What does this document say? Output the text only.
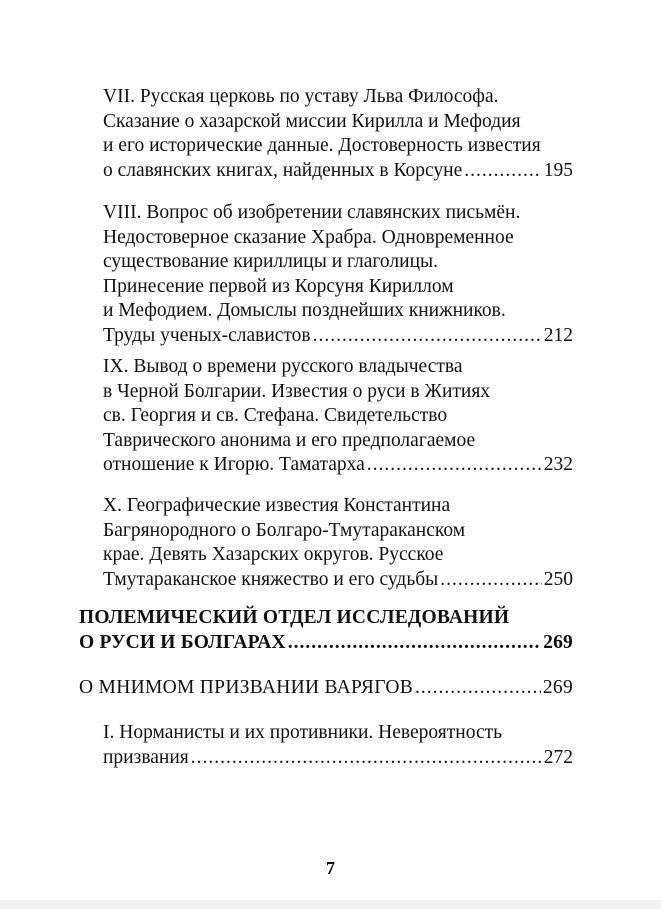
VII. Русская церковь по уставу Льва Философа.
Сказание о хазарской миссии Кирилла и Мефодия
и его исторические данные. Достоверность известия
о славянских книгах, найденных в Корсуне .....	195
VIII. Вопрос об изобретении славянских письмён.
Недостоверное сказание Храбра. Одновременное
существование кириллицы и глаголицы.
Принесение первой из Корсуня Кириллом
и Мефодием. Домыслы позднейших книжников.
Труды ученых-славистов .....	212
IX. Вывод о времени русского владычества
в Черной Болгарии. Известия о руси в Житиях
св. Георгия и св. Стефана. Свидетельство
Таврического анонима и его предполагаемое
отношение к Игорю. Таматарха .....	232
X. Географические известия Константина
Багрянородного о Болгаро-Тмутараканском
крае. Девять Хазарских округов. Русское
Тмутараканское княжество и его судьбы .....	250
ПОЛЕМИЧЕСКИЙ ОТДЕЛ ИССЛЕДОВАНИЙ
О РУСИ И БОЛГАРАХ .....	269
О МНИМОМ ПРИЗВАНИИ ВАРЯГОВ .....	269
I. Норманисты и их противники. Невероятность
призвания .....	272
7
